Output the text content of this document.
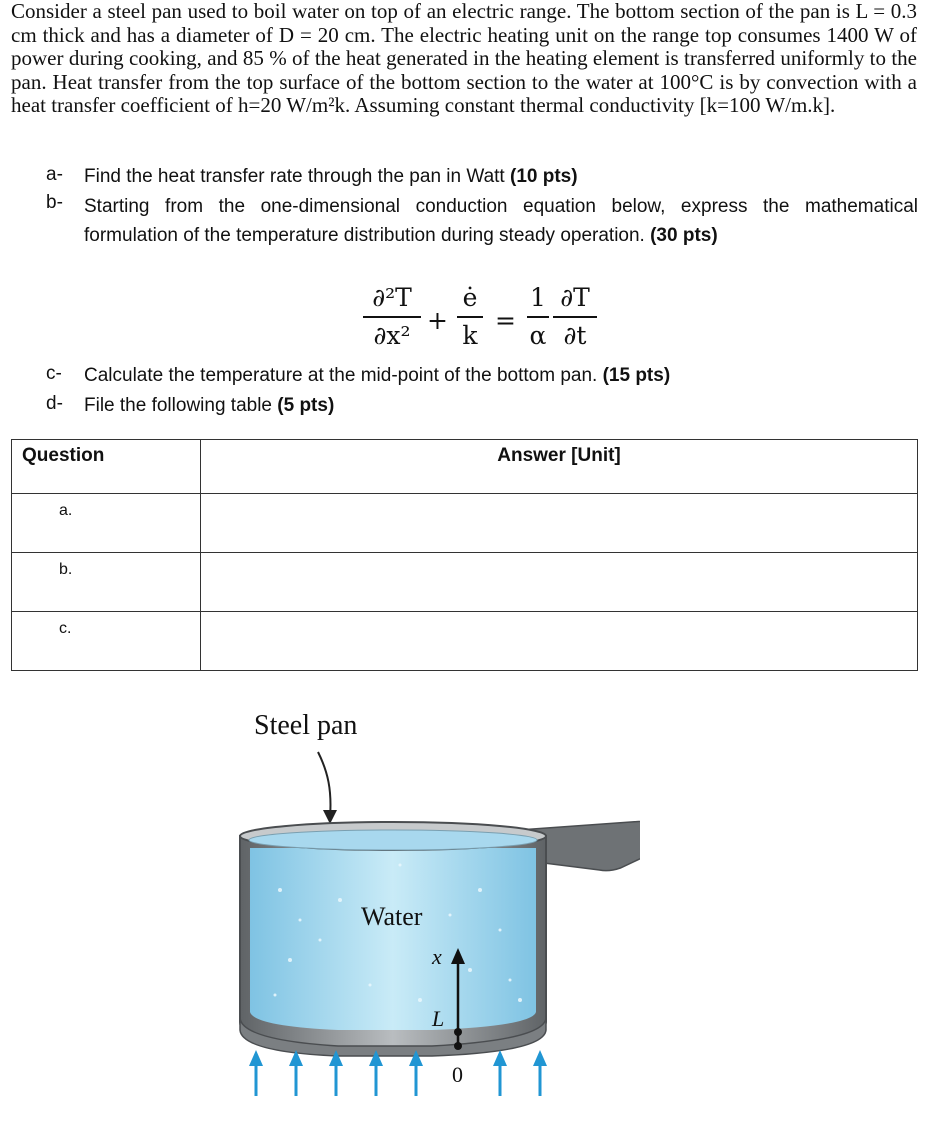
Consider a steel pan used to boil water on top of an electric range. The bottom section of the pan is L = 0.3 cm thick and has a diameter of D = 20 cm. The electric heating unit on the range top consumes 1400 W of power during cooking, and 85 % of the heat generated in the heating element is transferred uniformly to the pan. Heat transfer from the top surface of the bottom section to the water at 100°C is by convection with a heat transfer coefficient of h=20 W/m²k. Assuming constant thermal conductivity [k=100 W/m.k].
a-	Find the heat transfer rate through the pan in Watt (10 pts)
b-	Starting from the one-dimensional conduction equation below, express the mathematical formulation of the temperature distribution during steady operation. (30 pts)
c-	Calculate the temperature at the mid-point of the bottom pan. (15 pts)
d-	File the following table (5 pts)
∂²T
∂x²
+
ė
k
=
1
α
∂T
∂t
Question	Answer [Unit]
a.	
b.	
c.	
Steel pan
Water
x
L
0
